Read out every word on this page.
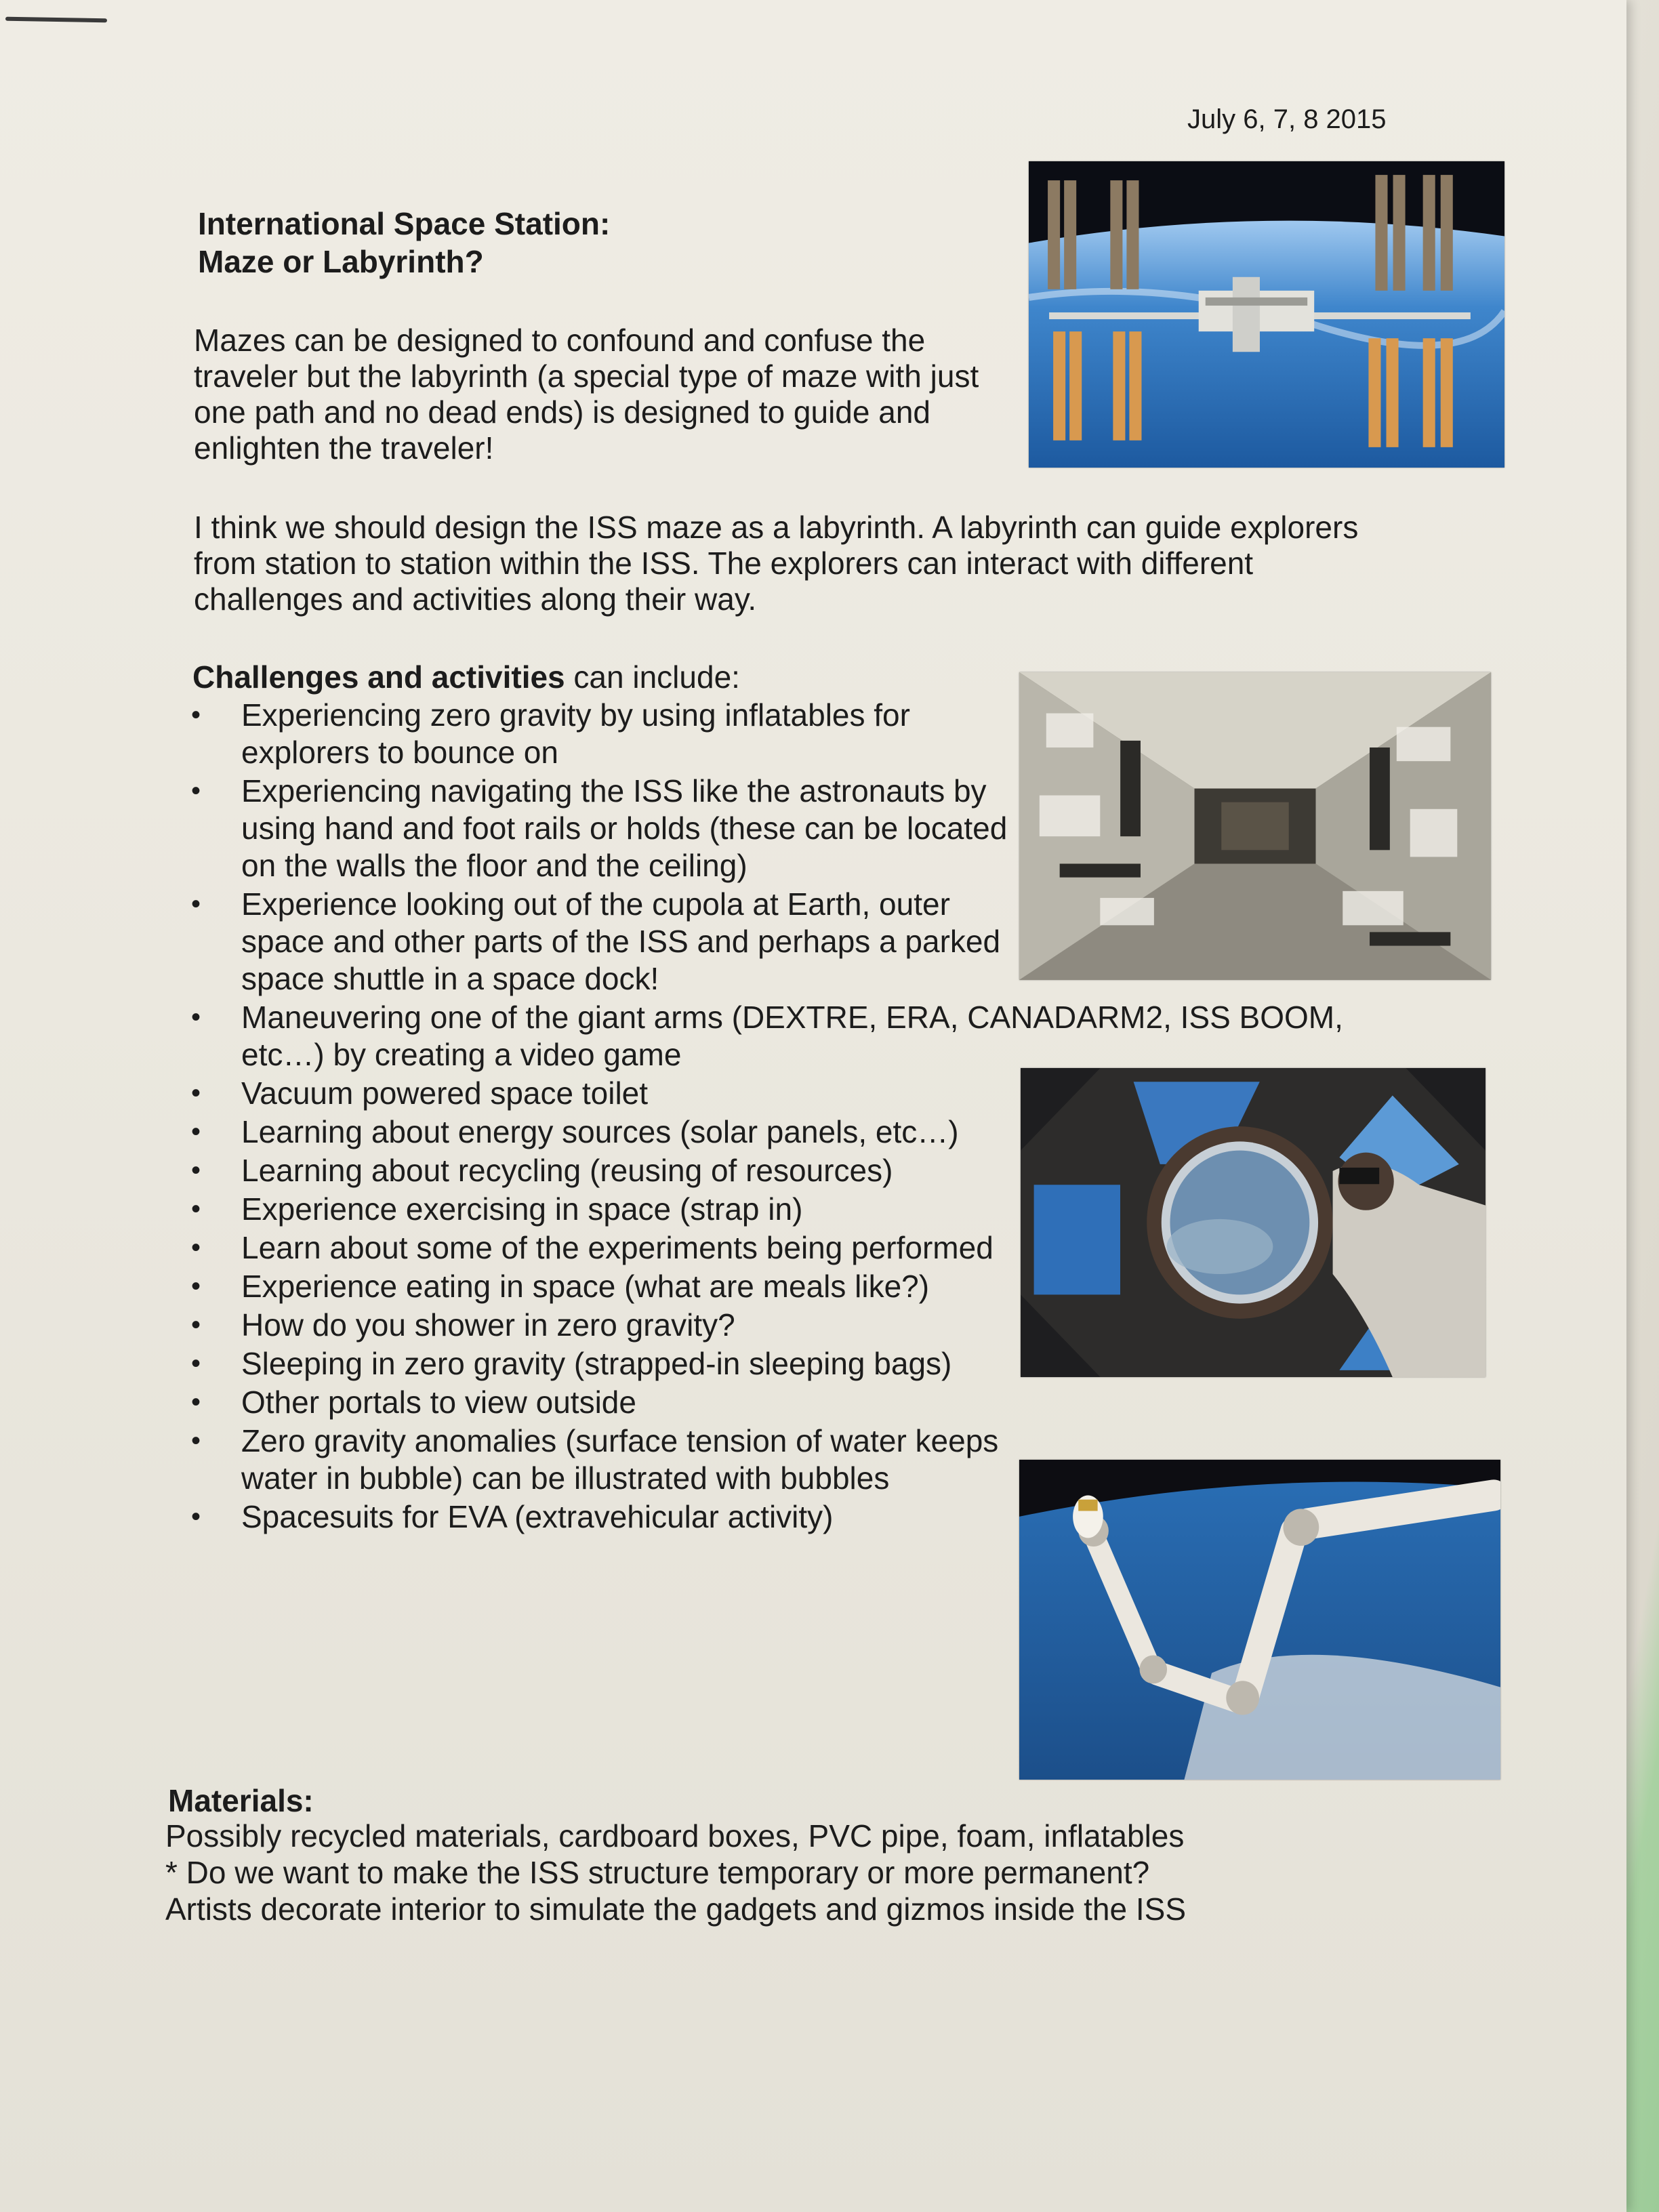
July 6, 7, 8 2015
International Space Station:
Maze or Labyrinth?
Mazes can be designed to confound and confuse the traveler but the labyrinth (a special type of maze with just one path and no dead ends) is designed to guide and enlighten the traveler!
I think we should design the ISS maze as a labyrinth. A labyrinth can guide explorers from station to station within the ISS. The explorers can interact with different challenges and activities along their way.
Challenges and activities can include:
• Experiencing zero gravity by using inflatables for explorers to bounce on
• Experiencing navigating the ISS like the astronauts by using hand and foot rails or holds (these can be located on the walls the floor and the ceiling)
• Experience looking out of the cupola at Earth, outer space and other parts of the ISS and perhaps a parked space shuttle in a space dock!
• Maneuvering one of the giant arms (DEXTRE, ERA, CANADARM2, ISS BOOM, etc…) by creating a video game
• Vacuum powered space toilet
• Learning about energy sources (solar panels, etc…)
• Learning about recycling (reusing of resources)
• Experience exercising in space (strap in)
• Learn about some of the experiments being performed
• Experience eating in space (what are meals like?)
• How do you shower in zero gravity?
• Sleeping in zero gravity (strapped-in sleeping bags)
• Other portals to view outside
• Zero gravity anomalies (surface tension of water keeps water in bubble) can be illustrated with bubbles
• Spacesuits for EVA (extravehicular activity)
Materials:
Possibly recycled materials, cardboard boxes, PVC pipe, foam, inflatables
* Do we want to make the ISS structure temporary or more permanent?
Artists decorate interior to simulate the gadgets and gizmos inside the ISS
